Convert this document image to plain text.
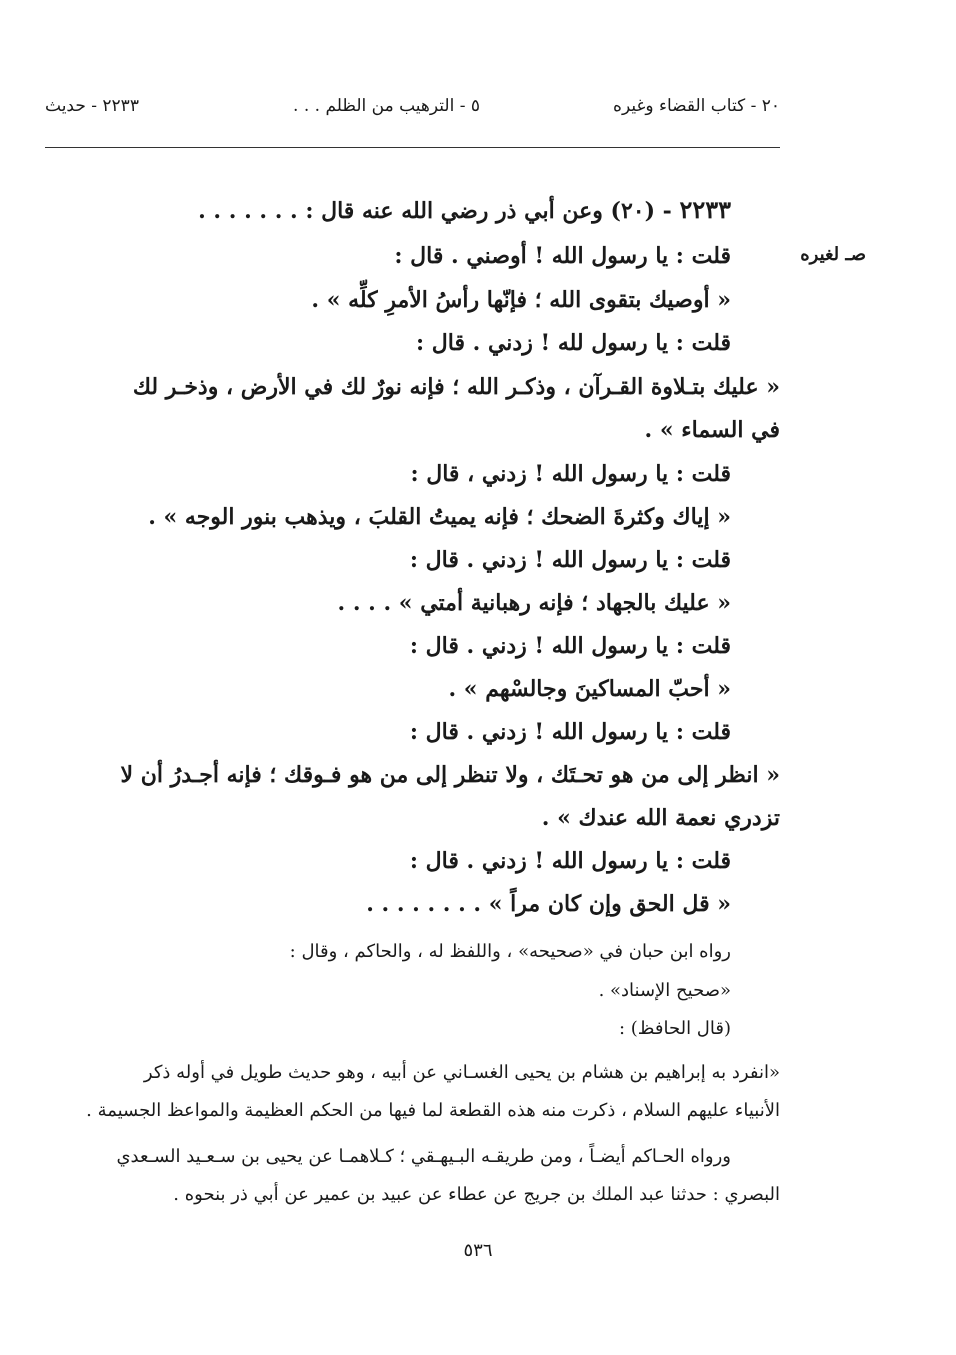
٢٠ - كتاب القضاء وغيره
٥ - الترهيب من الظلم . . .
٢٢٣٣ - حديث
صـ لغيره
٢٢٣٣ - (٢٠) وعن أبي ذر رضي الله عنه قال : . . . . . . .
قلت : يا رسول الله ! أوصني . قال :
« أوصيك بتقوى الله ؛ فإنّها رأسُ الأمرِ كلِّه » .
قلت : يا رسول لله ! زدني . قال :
« عليك بتـلاوة القـرآن ، وذكـر الله ؛ فإنه نورٌ لك في الأرض ، وذخـر لك
في السماء » .
قلت : يا رسول الله ! زدني ، قال :
« إياك وكثرةَ الضحك ؛ فإنه يميتُ القلبَ ، ويذهب بنور الوجه » .
قلت : يا رسول الله ! زدني . قال :
« عليك بالجهاد ؛ فإنه رهبانية أمتي » . . . .
قلت : يا رسول الله ! زدني . قال :
« أحبّ المساكينَ وجالسْهم » .
قلت : يا رسول الله ! زدني . قال :
« انظر إلى من هو تحـتَك ، ولا تنظر إلى من هو فـوقك ؛ فإنه أجـدرُ أن لا
تزدري نعمة الله عندك » .
قلت : يا رسول الله ! زدني . قال :
« قل الحق وإن كان مراً » . . . . . . . .
رواه ابن حبان في «صحيحه» ، واللفظ له ، والحاكم ، وقال :
«صحيح الإسناد» .
(قال الحافظ) :
«انفرد به إبراهيم بن هشام بن يحيى الغسـاني عن أبيه ، وهو حديث طويل في أوله ذكر
الأنبياء عليهم السلام ، ذكرت منه هذه القطعة لما فيها من الحكم العظيمة والمواعظ الجسيمة .
ورواه الحـاكم أيضـاً ، ومن طريقـه البـيهـقي ؛ كـلاهمـا عن يحيى بن سـعـيد السـعدي
البصري : حدثنا عبد الملك بن جريج عن عطاء عن عبيد بن عمير عن أبي ذر بنحوه .
٥٣٦
